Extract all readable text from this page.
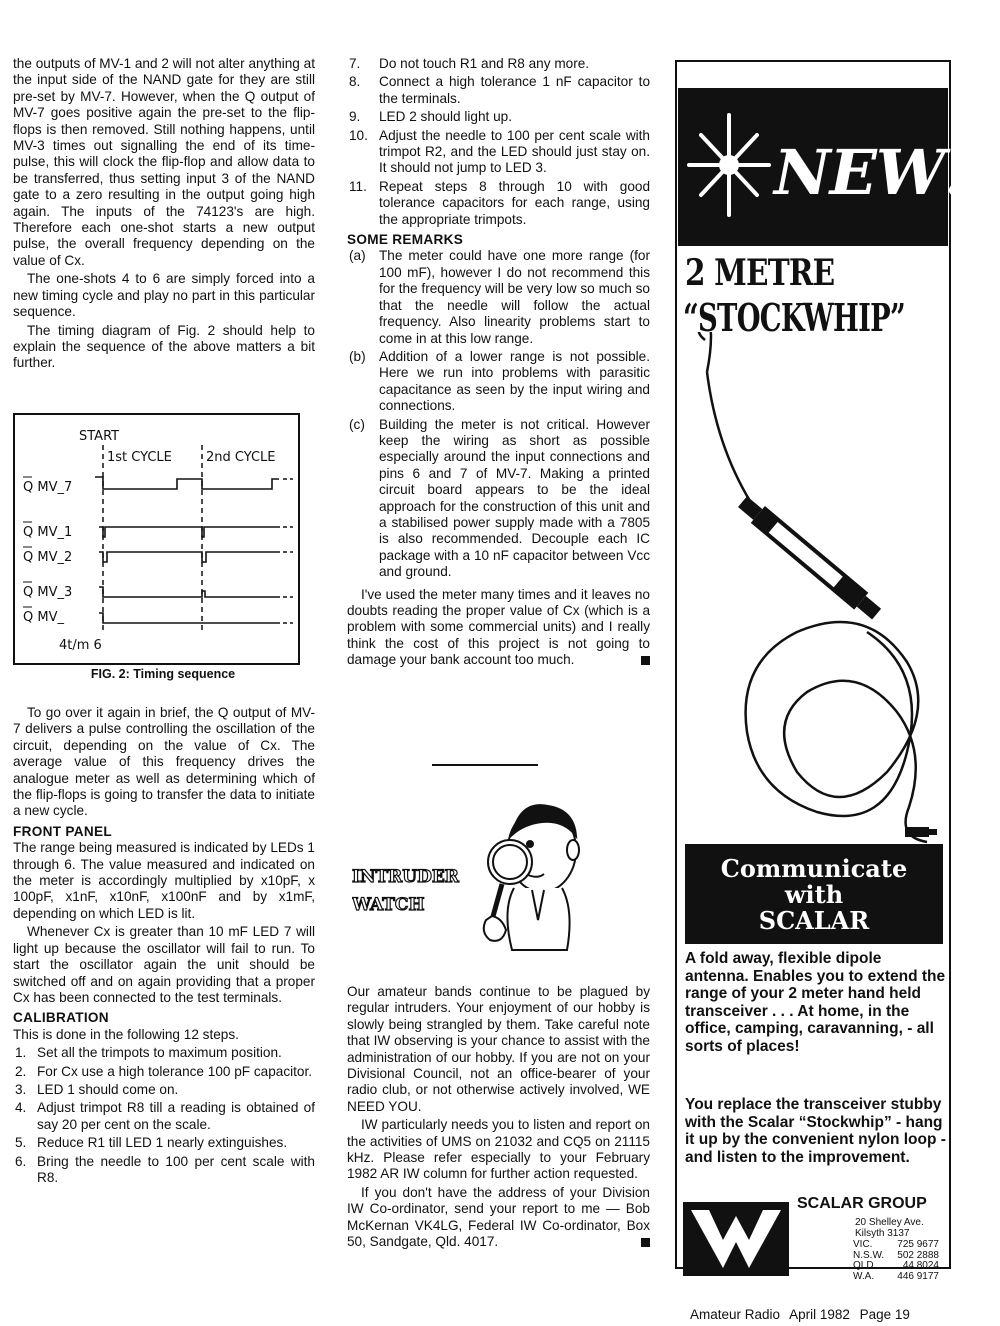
the outputs of MV-1 and 2 will not alter anything at the input side of the NAND gate for they are still pre-set by MV-7. However, when the Q output of MV-7 goes positive again the pre-set to the flip-flops is then removed. Still nothing happens, until MV-3 times out signalling the end of its time-pulse, this will clock the flip-flop and allow data to be transferred, thus setting input 3 of the NAND gate to a zero resulting in the output going high again. The inputs of the 74123's are high. Therefore each one-shot starts a new output pulse, the overall frequency depending on the value of Cx.

The one-shots 4 to 6 are simply forced into a new timing cycle and play no part in this particular sequence.

The timing diagram of Fig. 2 should help to explain the sequence of the above matters a bit further.

START
1st CYCLE	2nd CYCLE
Q MV_7
Q MV_1
Q MV_2
Q MV_3
Q MV_
4t/m 6
FIG. 2: Timing sequence

To go over it again in brief, the Q output of MV-7 delivers a pulse controlling the oscillation of the circuit, depending on the value of Cx. The average value of this frequency drives the analogue meter as well as determining which of the flip-flops is going to transfer the data to initiate a new cycle.

FRONT PANEL

The range being measured is indicated by LEDs 1 through 6. The value measured and indicated on the meter is accordingly multiplied by x10pF, x 100pF, x1nF, x10nF, x100nF and by x1mF, depending on which LED is lit.

Whenever Cx is greater than 10 mF LED 7 will light up because the oscillator will fail to run. To start the oscillator again the unit should be switched off and on again providing that a proper Cx has been connected to the test terminals.

CALIBRATION

This is done in the following 12 steps.

1. Set all the trimpots to maximum position.
2. For Cx use a high tolerance 100 pF capacitor.
3. LED 1 should come on.
4. Adjust trimpot R8 till a reading is obtained of say 20 per cent on the scale.
5. Reduce R1 till LED 1 nearly extinguishes.
6. Bring the needle to 100 per cent scale with R8.
7.	Do not touch R1 and R8 any more.
8.	Connect a high tolerance 1 nF capacitor to the terminals.
9.	LED 2 should light up.
10. Adjust the needle to 100 per cent scale with trimpot R2, and the LED should just stay on. It should not jump to LED 3.
11. Repeat steps 8 through 10 with good tolerance capacitors for each range, using the appropriate trimpots.
SOME REMARKS
(a) The meter could have one more range (for 100 mF), however I do not recommend this for the frequency will be very low so much so that the needle will follow the actual frequency. Also linearity problems start to come in at this low range.
(b) Addition of a lower range is not possible. Here we run into problems with parasitic capacitance as seen by the input wiring and connections.
(c)	Building the meter is not critical. However keep the wiring as short as possible especially around the input connections and pins 6 and 7 of MV-7. Making a printed circuit board appears to be the ideal approach for the construction of this unit and a stabilised power supply made with a 7805 is also recommended. Decouple each IC package with a 10 nF capacitor between Vcc and ground.

I've used the meter many times and it leaves no doubts reading the proper value of Cx (which is a problem with some commercial units) and I really think the cost of this project is not going to damage your bank account too much.

INTRUDER
WATCH

Our amateur bands continue to be plagued by regular intruders. Your enjoyment of our hobby is slowly being strangled by them. Take careful note that IW observing is your chance to assist with the administration of our hobby. If you are not on your Divisional Council, not an office-bearer of your radio club, or not otherwise actively involved, WE NEED YOU.

IW particularly needs you to listen and report on the activities of UMS on 21032 and CQ5 on 21115 kHz. Please refer especially to your February 1982 AR IW column for further action requested.

If you don't have the address of your Division IW Co-ordinator, send your report to me — Bob McKernan VK4LG, Federal IW Co-ordinator, Box 50, Sandgate, Qld. 4017.

NEW!
2 METRE
“STOCKWHIP”
Communicate
with
SCALAR
A fold away, flexible dipole antenna. Enables you to extend the range of your 2 meter hand held transceiver . . . At home, in the office, camping, caravanning, - all sorts of places!
You replace the transceiver stubby with the Scalar “Stockwhip” - hang it up by the convenient nylon loop - and listen to the improvement.
SCALAR GROUP
20 Shelley Ave.
Kilsyth 3137
VIC.	725 9677
N.S.W.	502 2888
QLD.	44 8024
W.A.	446 9177
Amateur Radio April 1982 Page 19
